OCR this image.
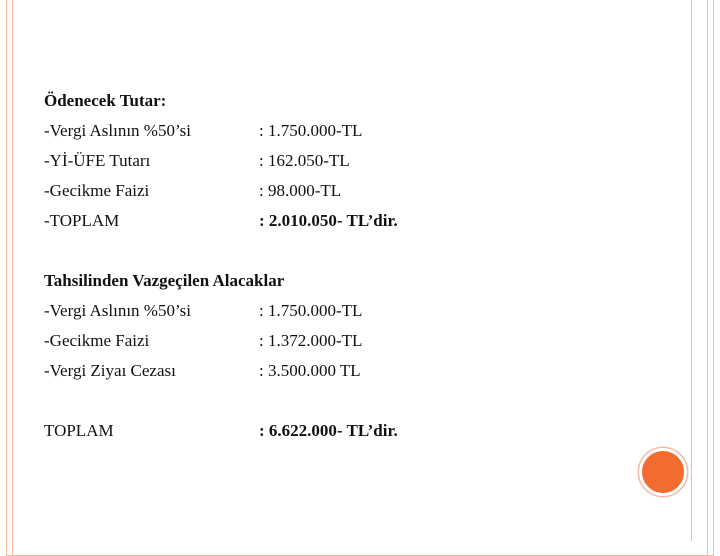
Ödenecek Tutar:
-Vergi Aslının %50’si	: 1.750.000-TL
-Yİ-ÜFE Tutarı	: 162.050-TL
-Gecikme Faizi	: 98.000-TL
-TOPLAM	: 2.010.050- TL’dir.
Tahsilinden Vazgeçilen Alacaklar
-Vergi Aslının %50’si	: 1.750.000-TL
-Gecikme Faizi	: 1.372.000-TL
-Vergi Ziyaı Cezası	: 3.500.000 TL
TOPLAM	: 6.622.000- TL’dir.
